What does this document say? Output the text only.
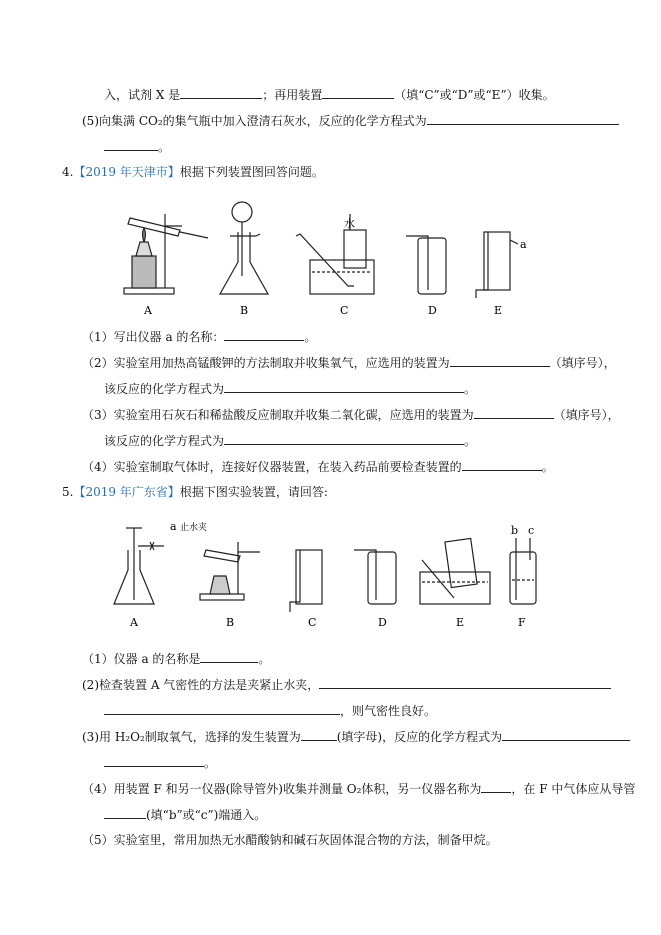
入，试剂 X 是	；再用装置	（填“C”或“D”或“E”）收集。
(5)向集满 CO₂的集气瓶中加入澄清石灰水，反应的化学方程式为
。
4.【2019 年天津市】根据下列装置图回答问题。
水
a
A	B	C	D	E
（1）写出仪器 a 的名称：	。
（2）实验室用加热高锰酸钾的方法制取并收集氧气，应选用的装置为	（填序号），
该反应的化学方程式为	。
（3）实验室用石灰石和稀盐酸反应制取并收集二氧化碳，应选用的装置为	（填序号），
该反应的化学方程式为	。
（4）实验室制取气体时，连接好仪器装置，在装入药品前要检查装置的	。
5.【2019 年广东省】根据下图实验装置，请回答:
a 止水夹	b c
A	B	C	D	E	F
（1）仪器 a 的名称是	。
(2)检查装置 A 气密性的方法是夹紧止水夹，
，则气密性良好。
(3)用 H₂O₂制取氧气，选择的发生装置为	(填字母)，反应的化学方程式为
。
（4）用装置 F 和另一仪器(除导管外)收集并测量 O₂体积，另一仪器名称为	，在 F 中气体应从导管
(填“b”或“c”)端通入。
（5）实验室里，常用加热无水醋酸钠和碱石灰固体混合物的方法，制备甲烷。
